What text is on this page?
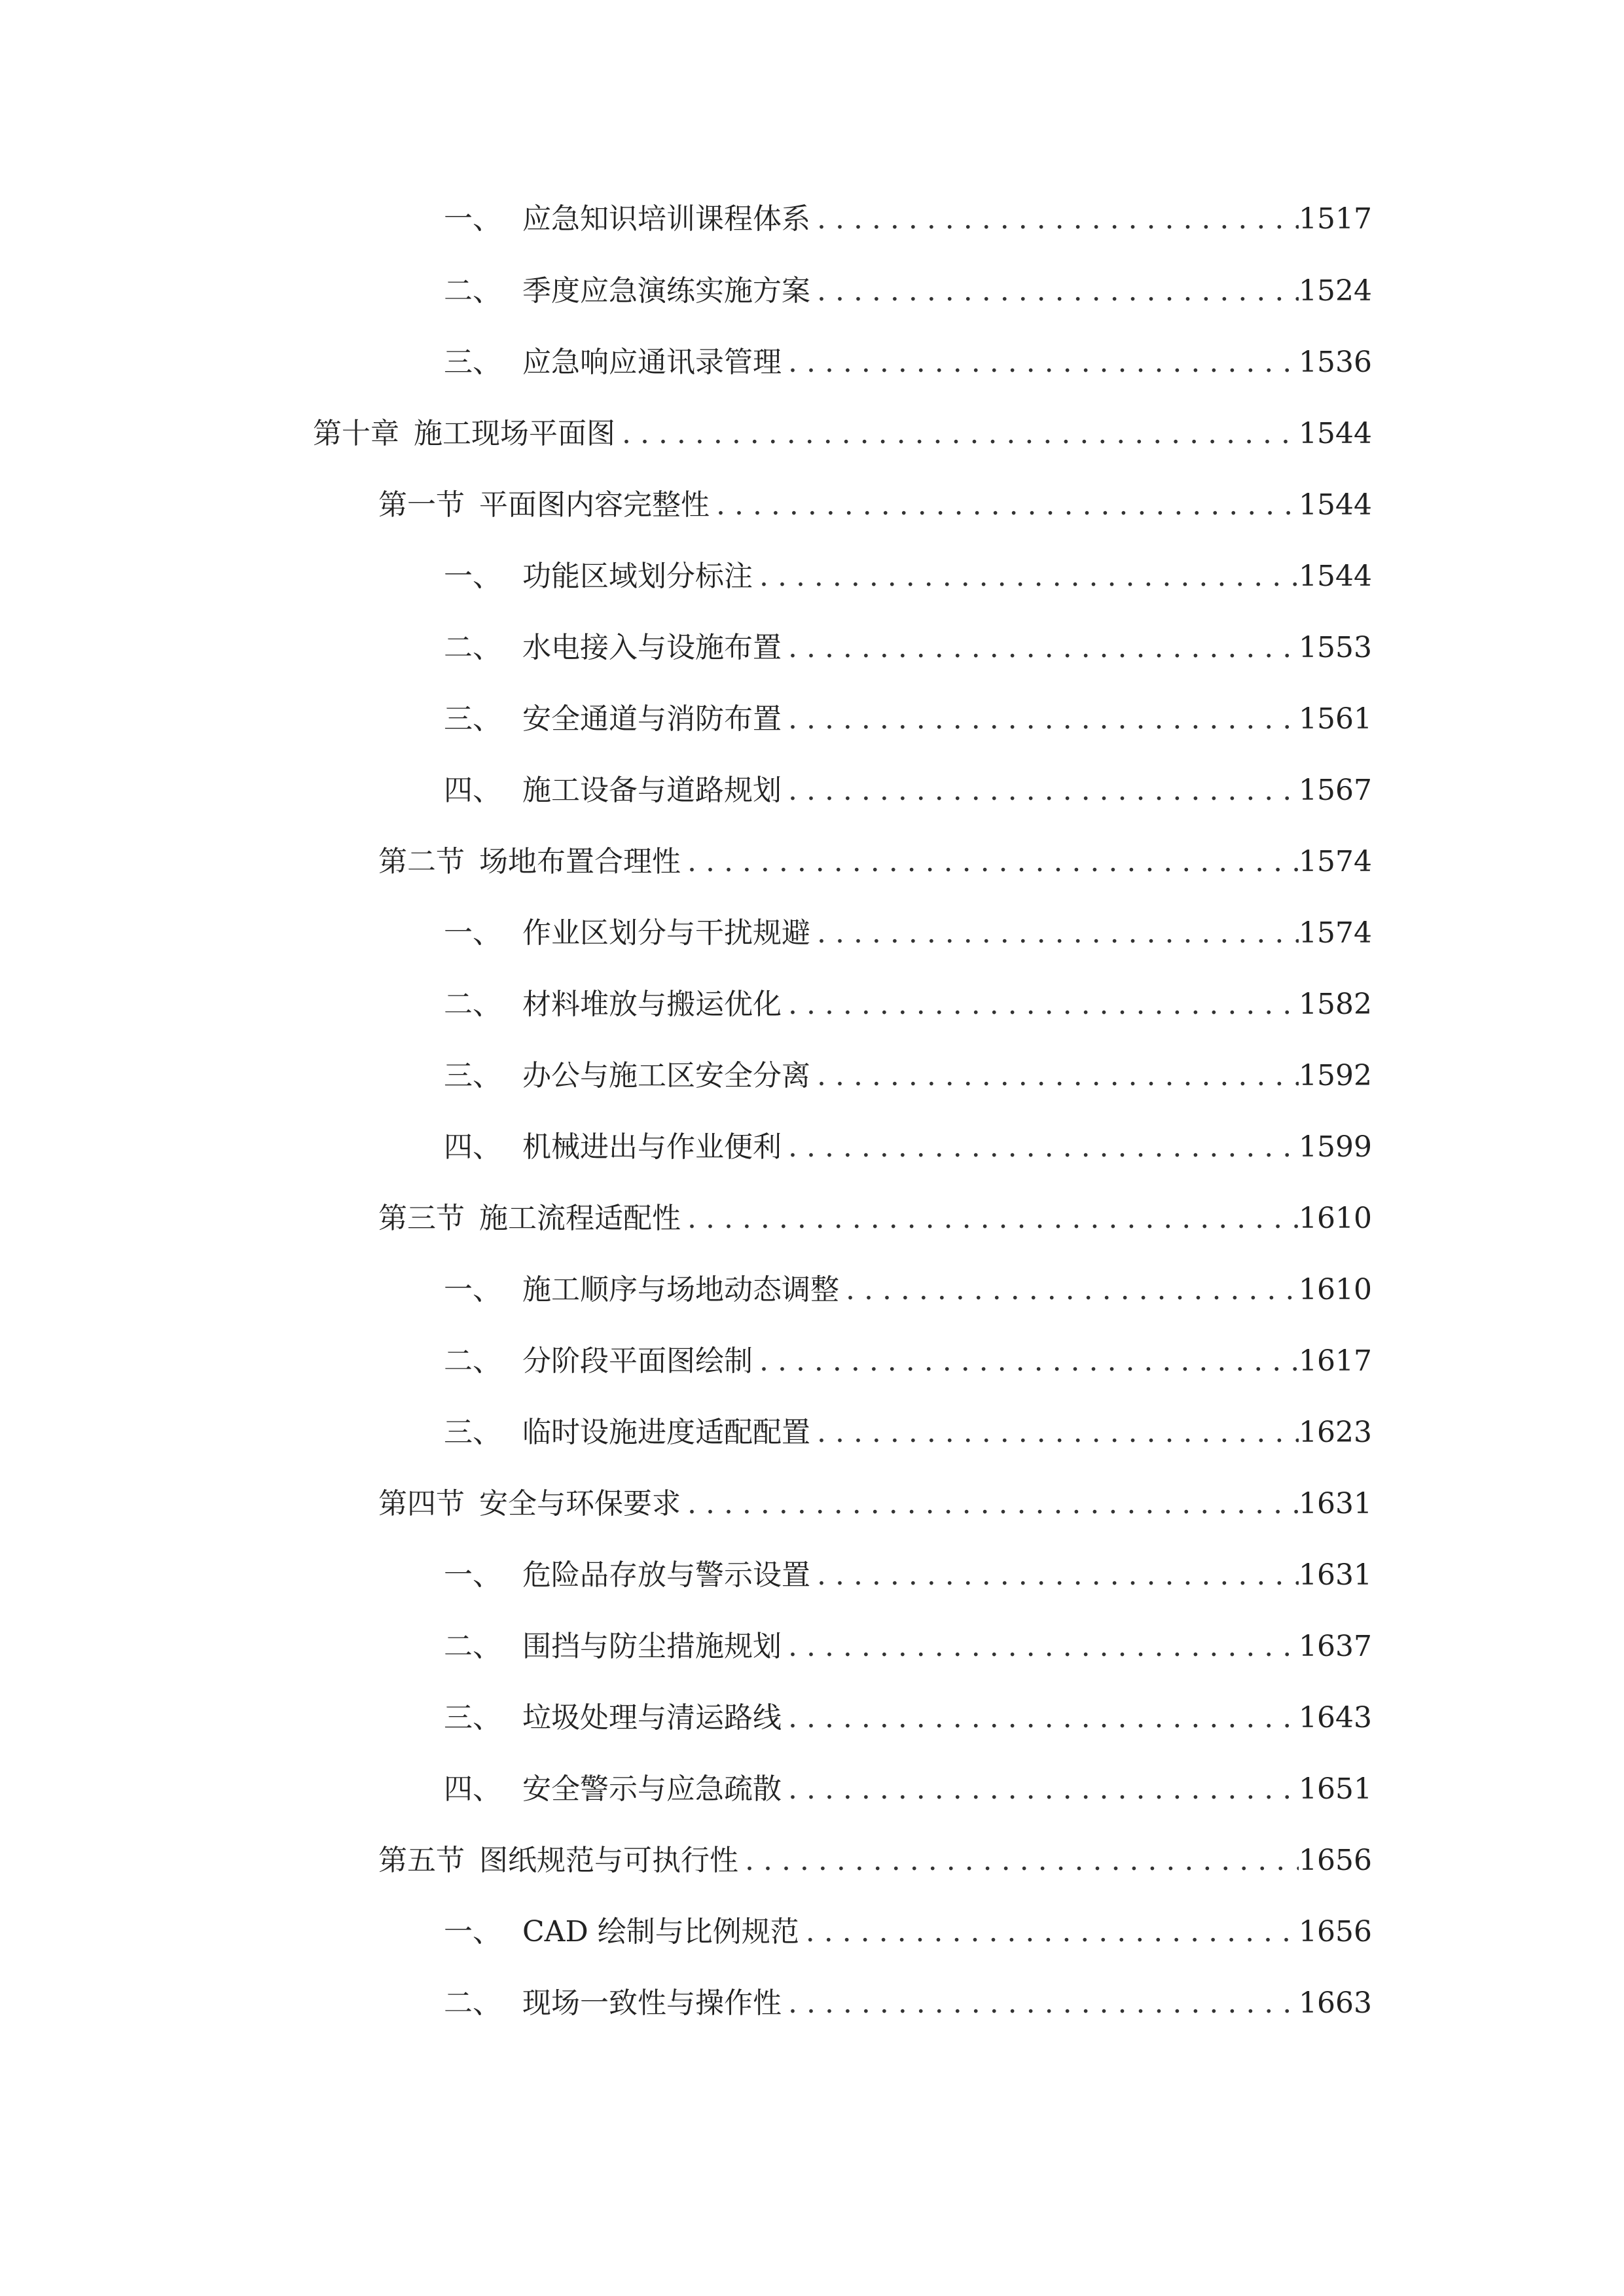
一、 应急知识培训课程体系 . . .	1517
二、 季度应急演练实施方案 . . .	1524
三、 应急响应通讯录管理 . . .	1536
第十章 施工现场平面图 . . .	1544
第一节 平面图内容完整性 . . .	1544
一、 功能区域划分标注 . . .	1544
二、 水电接入与设施布置 . . .	1553
三、 安全通道与消防布置 . . .	1561
四、 施工设备与道路规划 . . .	1567
第二节 场地布置合理性 . . .	1574
一、 作业区划分与干扰规避 . . .	1574
二、 材料堆放与搬运优化 . . .	1582
三、 办公与施工区安全分离 . . .	1592
四、 机械进出与作业便利 . . .	1599
第三节 施工流程适配性 . . .	1610
一、 施工顺序与场地动态调整 . . .	1610
二、 分阶段平面图绘制 . . .	1617
三、 临时设施进度适配配置 . . .	1623
第四节 安全与环保要求 . . .	1631
一、 危险品存放与警示设置 . . .	1631
二、 围挡与防尘措施规划 . . .	1637
三、 垃圾处理与清运路线 . . .	1643
四、 安全警示与应急疏散 . . .	1651
第五节 图纸规范与可执行性 . . .	1656
一、 CAD 绘制与比例规范 . . .	1656
二、 现场一致性与操作性 . . .	1663
